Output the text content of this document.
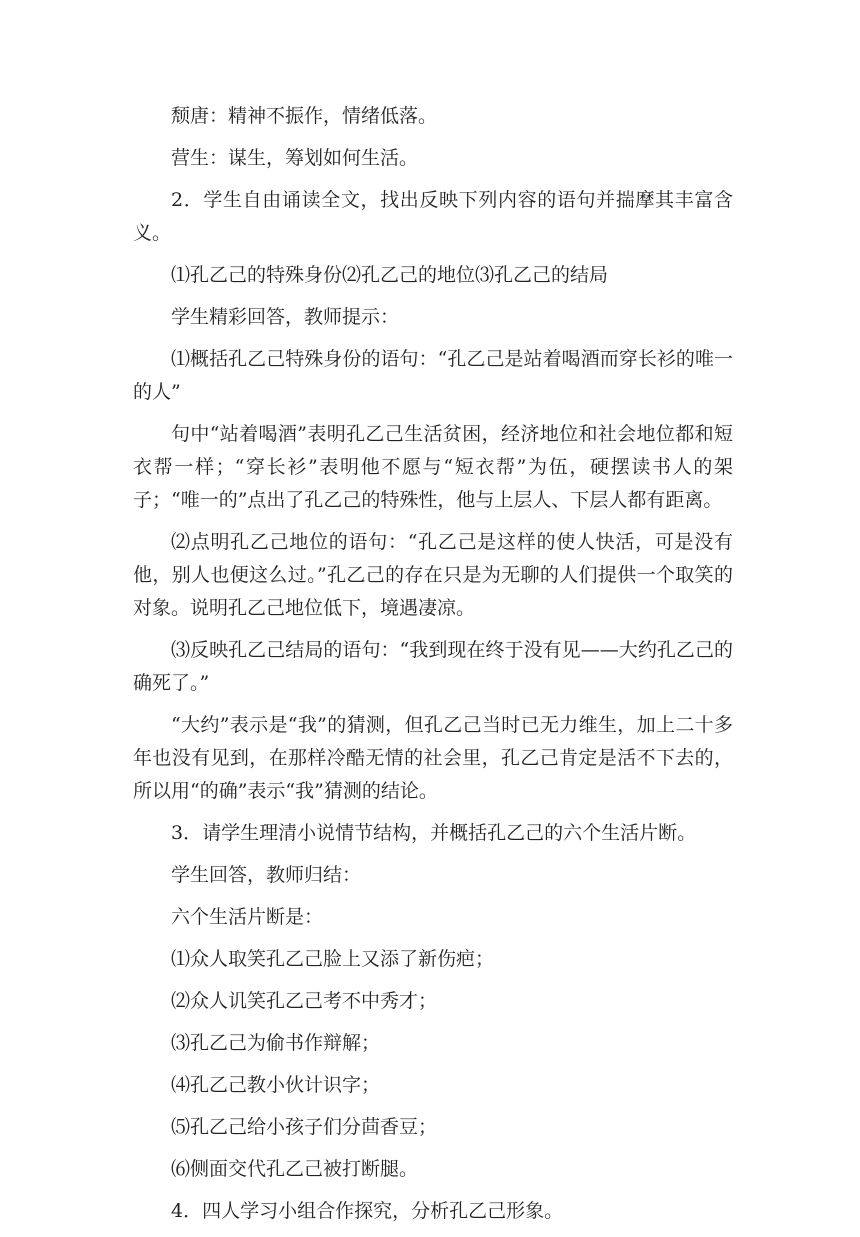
颓唐：精神不振作，情绪低落。

营生：谋生，筹划如何生活。

2．学生自由诵读全文，找出反映下列内容的语句并揣摩其丰富含义。

⑴孔乙己的特殊身份⑵孔乙己的地位⑶孔乙己的结局

学生精彩回答，教师提示：

⑴概括孔乙己特殊身份的语句：“孔乙己是站着喝酒而穿长衫的唯一的人”

句中“站着喝酒”表明孔乙己生活贫困，经济地位和社会地位都和短衣帮一样；“穿长衫”表明他不愿与“短衣帮”为伍，硬摆读书人的架子；“唯一的”点出了孔乙己的特殊性，他与上层人、下层人都有距离。

⑵点明孔乙己地位的语句：“孔乙己是这样的使人快活，可是没有他，别人也便这么过。”孔乙己的存在只是为无聊的人们提供一个取笑的对象。说明孔乙己地位低下，境遇凄凉。

⑶反映孔乙己结局的语句：“我到现在终于没有见——大约孔乙己的确死了。”

“大约”表示是“我”的猜测，但孔乙己当时已无力维生，加上二十多年也没有见到，在那样冷酷无情的社会里，孔乙己肯定是活不下去的，所以用“的确”表示“我”猜测的结论。

3．请学生理清小说情节结构，并概括孔乙己的六个生活片断。

学生回答，教师归结：

六个生活片断是：

⑴众人取笑孔乙己脸上又添了新伤疤；

⑵众人讥笑孔乙己考不中秀才；

⑶孔乙己为偷书作辩解；

⑷孔乙己教小伙计识字；

⑸孔乙己给小孩子们分茴香豆；

⑹侧面交代孔乙己被打断腿。

4．四人学习小组合作探究，分析孔乙己形象。
